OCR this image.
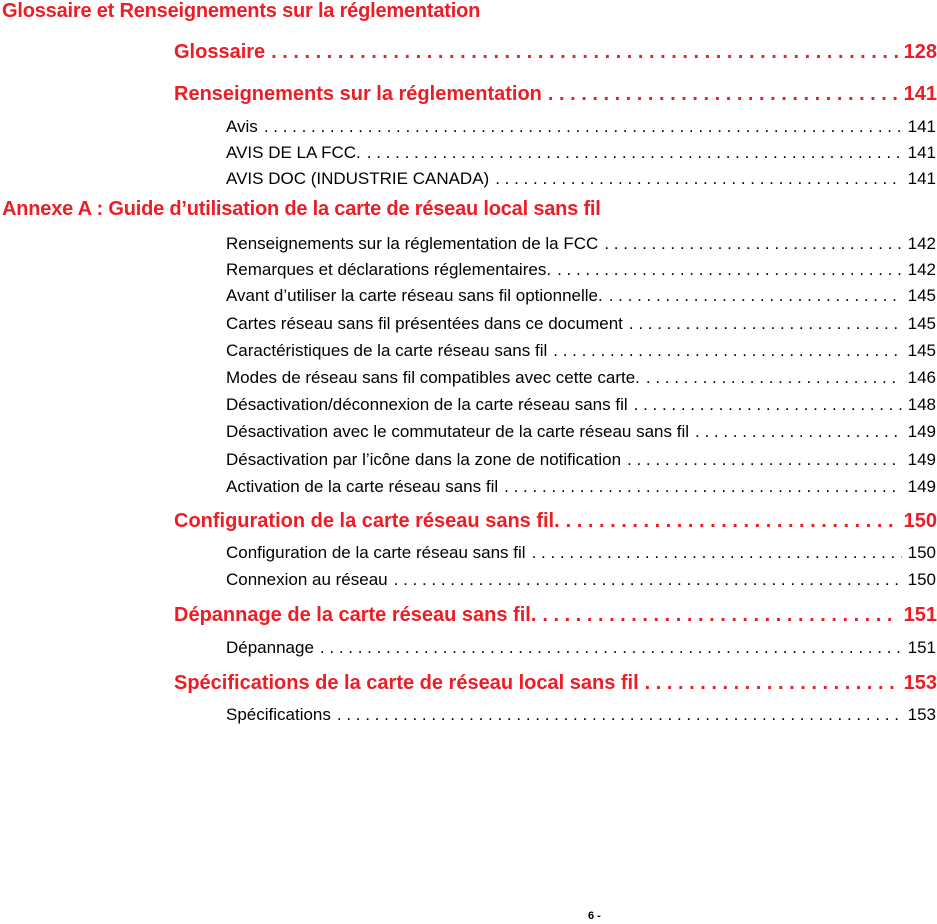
Glossaire et Renseignements sur la réglementation
Glossaire . . .	128
Renseignements sur la réglementation . . .	141
Avis . . .	141
AVIS DE LA FCC. . . .	141
AVIS DOC (INDUSTRIE CANADA) . . .	141
Annexe A : Guide d’utilisation de la carte de réseau local sans fil
Renseignements sur la réglementation de la FCC . . .	142
Remarques et déclarations réglementaires. . . .	142
Avant d’utiliser la carte réseau sans fil optionnelle. . . .	145
Cartes réseau sans fil présentées dans ce document . . .	145
Caractéristiques de la carte réseau sans fil . . .	145
Modes de réseau sans fil compatibles avec cette carte. . . .	146
Désactivation/déconnexion de la carte réseau sans fil . . .	148
Désactivation avec le commutateur de la carte réseau sans fil . . .	149
Désactivation par l’icône dans la zone de notification . . .	149
Activation de la carte réseau sans fil . . .	149
Configuration de la carte réseau sans fil. . . .	150
Configuration de la carte réseau sans fil . . .	150
Connexion au réseau . . .	150
Dépannage de la carte réseau sans fil. . . .	151
Dépannage . . .	151
Spécifications de la carte de réseau local sans fil . . .	153
Spécifications . . .	153
6 -
